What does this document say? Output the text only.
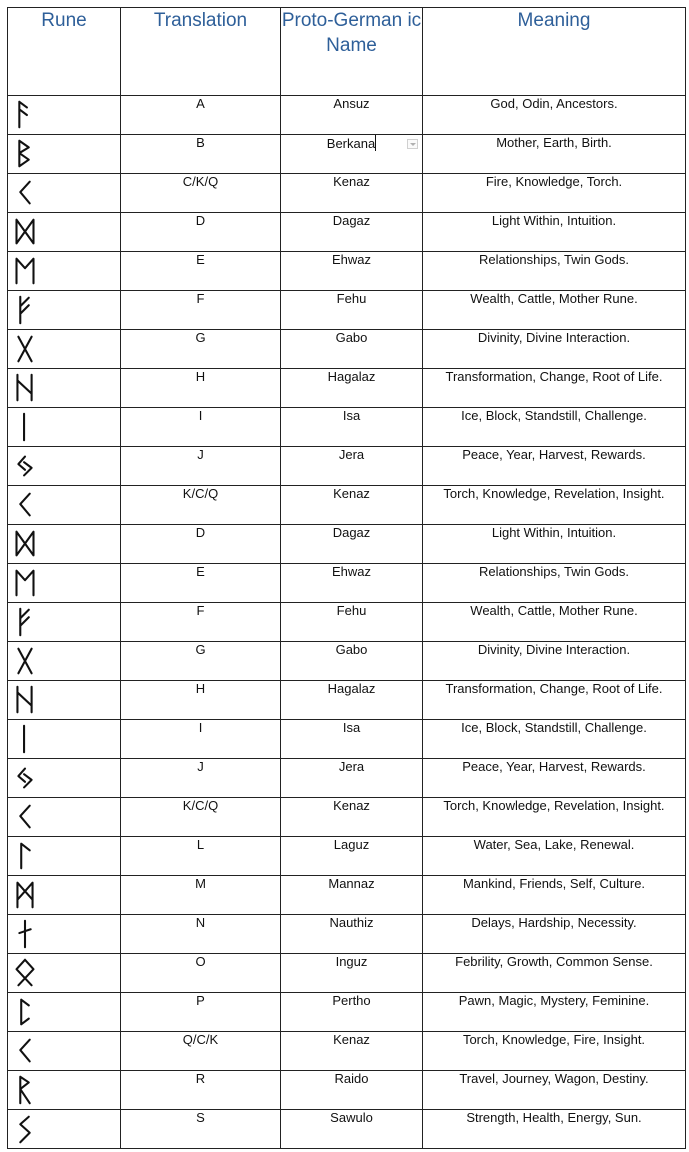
Rune	Translation	Proto-German ic Name	Meaning

	A	Ansuz	God, Odin, Ancestors.

	B	Berkana	Mother, Earth, Birth.

	C/K/Q	Kenaz	Fire, Knowledge, Torch.

	D	Dagaz	Light Within, Intuition.

	E	Ehwaz	Relationships, Twin Gods.

	F	Fehu	Wealth, Cattle, Mother Rune.

	G	Gabo	Divinity, Divine Interaction.

	H	Hagalaz	Transformation, Change, Root of Life.

	I	Isa	Ice, Block, Standstill, Challenge.

	J	Jera	Peace, Year, Harvest, Rewards.

	K/C/Q	Kenaz	Torch, Knowledge, Revelation, Insight.

	D	Dagaz	Light Within, Intuition.

	E	Ehwaz	Relationships, Twin Gods.

	F	Fehu	Wealth, Cattle, Mother Rune.

	G	Gabo	Divinity, Divine Interaction.

	H	Hagalaz	Transformation, Change, Root of Life.

	I	Isa	Ice, Block, Standstill, Challenge.

	J	Jera	Peace, Year, Harvest, Rewards.

	K/C/Q	Kenaz	Torch, Knowledge, Revelation, Insight.

	L	Laguz	Water, Sea, Lake, Renewal.

	M	Mannaz	Mankind, Friends, Self, Culture.

	N	Nauthiz	Delays, Hardship, Necessity.

	O	Inguz	Febrility, Growth, Common Sense.

	P	Pertho	Pawn, Magic, Mystery, Feminine.

	Q/C/K	Kenaz	Torch, Knowledge, Fire, Insight.

	R	Raido	Travel, Journey, Wagon, Destiny.

	S	Sawulo	Strength, Health, Energy, Sun.
